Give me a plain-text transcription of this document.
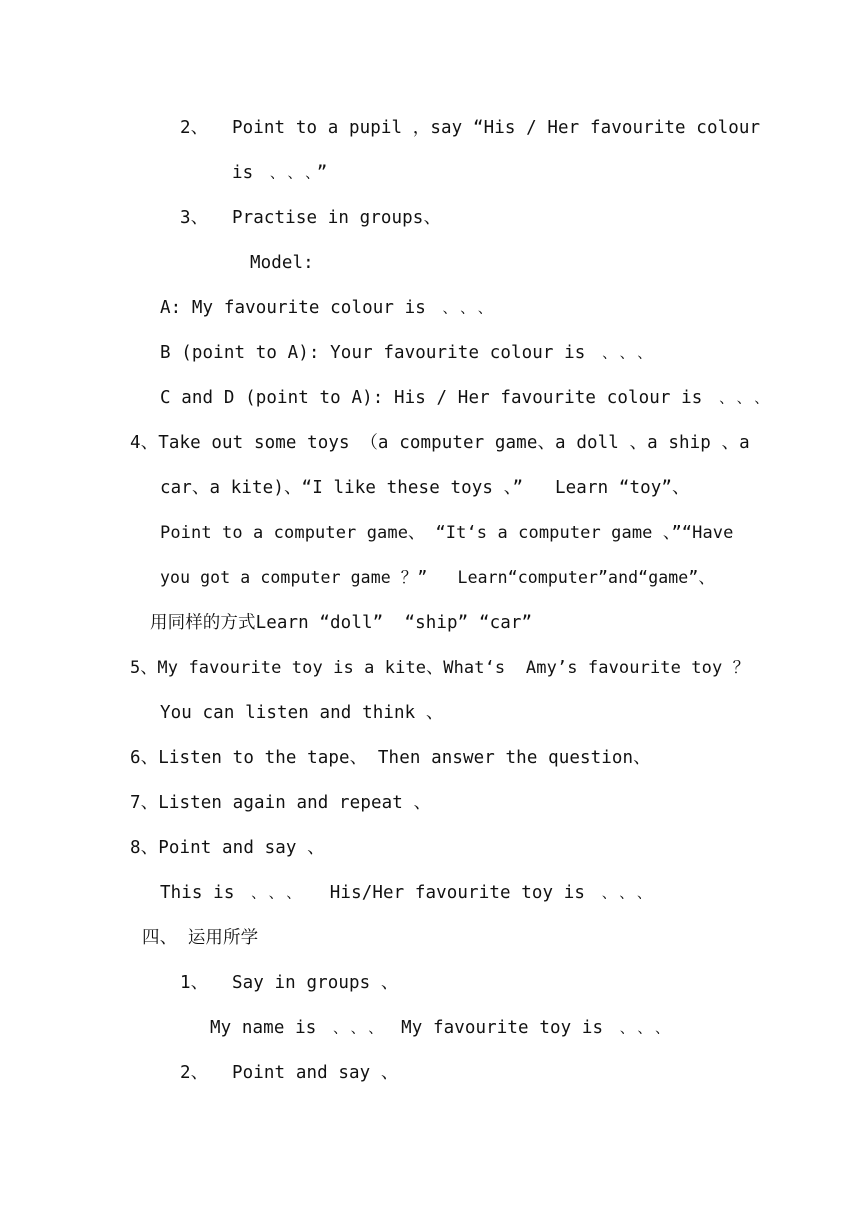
2、 Point to a pupil ，say “His / Her favourite colour
is ﹑﹑﹑”
3、 Practise in groups、
Model:
A: My favourite colour is ﹑﹑﹑
B (point to A): Your favourite colour is ﹑﹑﹑
C and D (point to A): His / Her favourite colour is ﹑﹑﹑
4、Take out some toys （a computer game、a doll 、a ship 、a
car、a kite)、“I like these toys 、”   Learn “toy”、
Point to a computer game、 “It‘s a computer game 、”“Have
you got a computer game ？”   Learn“computer”and“game”、
用同样的方式Learn “doll”  “ship” “car”
5、My favourite toy is a kite、What‘s  Amy’s favourite toy ？
You can listen and think 、
6、Listen to the tape、 Then answer the question、
7、Listen again and repeat 、
8、Point and say 、
This is ﹑﹑﹑   His/Her favourite toy is ﹑﹑﹑
四、 运用所学
1、 Say in groups 、
My name is ﹑﹑﹑  My favourite toy is ﹑﹑﹑
2、 Point and say 、
